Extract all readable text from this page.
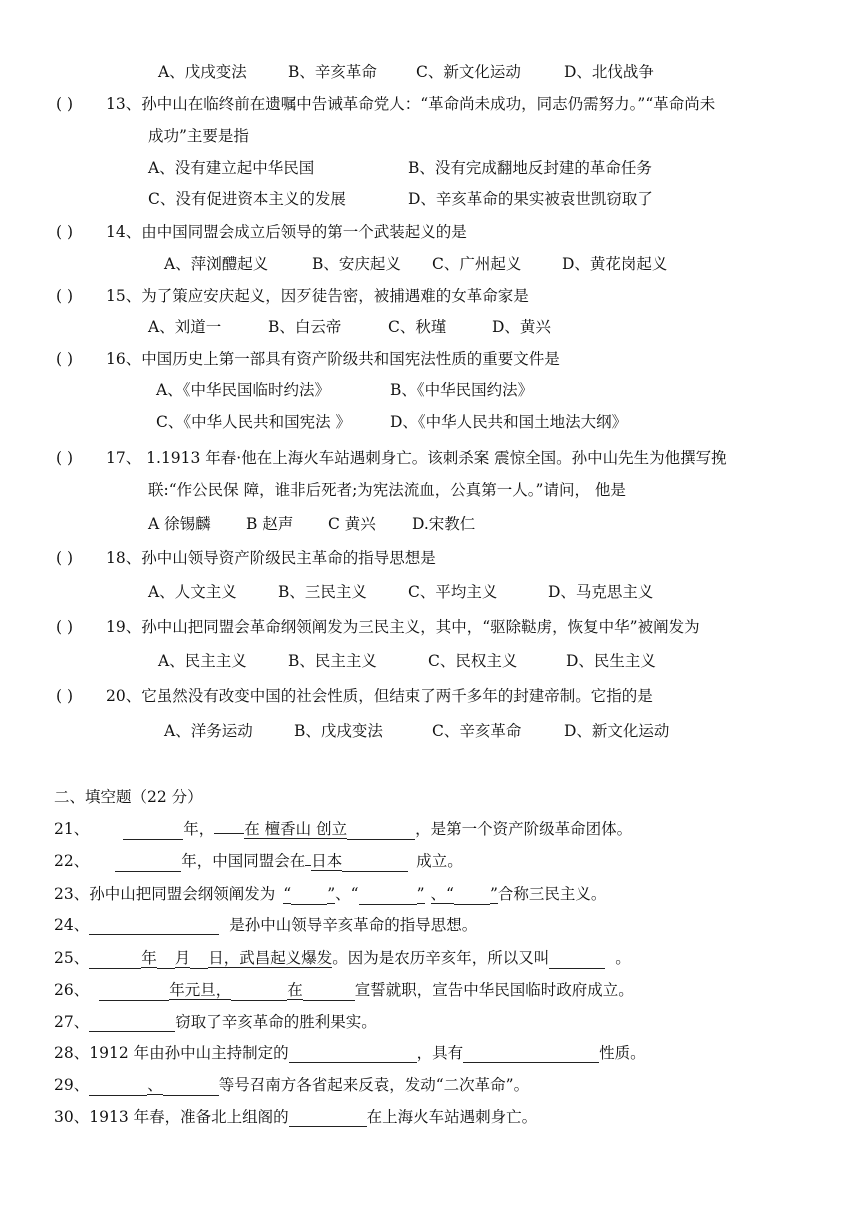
A、戊戌变法	B、辛亥革命	C、新文化运动	D、北伐战争
( ) 13、孙中山在临终前在遗嘱中告诫革命党人：“革命尚未成功，同志仍需努力。”“革命尚未
成功”主要是指
A、没有建立起中华民国	B、没有完成翻地反封建的革命任务
C、没有促进资本主义的发展	D、辛亥革命的果实被袁世凯窃取了
( ) 14、由中国同盟会成立后领导的第一个武装起义的是
A、萍浏醴起义	B、安庆起义 C、广州起义	D、黄花岗起义
( ) 15、为了策应安庆起义，因歹徒告密，被捕遇难的女革命家是
A、刘道一	B、白云帝	C、秋瑾	D、黄兴
( ) 16、中国历史上第一部具有资产阶级共和国宪法性质的重要文件是
A、《中华民国临时约法》	B、《中华民国约法》
C、《中华人民共和国宪法 》	D、《中华人民共和国土地法大纲》
( ) 17、 1.1913 年春·他在上海火车站遇刺身亡。该刺杀案 震惊全国。孙中山先生为他撰写挽
联:“作公民保 障，谁非后死者;为宪法流血，公真第一人。”请问， 他是
A 徐锡麟 B 赵声 C 黄兴 D.宋教仁
( ) 18、孙中山领导资产阶级民主革命的指导思想是
A、人文主义	B、三民主义	C、平均主义	D、马克思主义
( ) 19、孙中山把同盟会革命纲领阐发为三民主义，其中，“驱除鞑虏，恢复中华”被阐发为
A、民主主义	B、民主主义	C、民权主义	D、民生主义
( ) 20、它虽然没有改变中国的社会性质，但结束了两千多年的封建帝制。它指的是
A、洋务运动	B、戊戌变法	C、辛亥革命	D、新文化运动
二、填空题（22 分）
21、	年， 在 檀香山 创立	，是第一个资产阶级革命团体。
22、	年，中国同盟会在 日本	成立。
23、孙中山把同盟会纲领阐发为 “ ”、“	” 、“ ”合称三民主义。
24、	是孙中山领导辛亥革命的指导思想。
25、	年 月 日，武昌起义爆发。因为是农历辛亥年，所以又叫	。
26、	年元旦，	在	宣誓就职，宣告中华民国临时政府成立。
27、	窃取了辛亥革命的胜利果实。
28、1912 年由孙中山主持制定的	，具有	性质。
29、	、	等号召南方各省起来反袁，发动“二次革命”。
30、1913 年春，准备北上组阁的	在上海火车站遇刺身亡。
